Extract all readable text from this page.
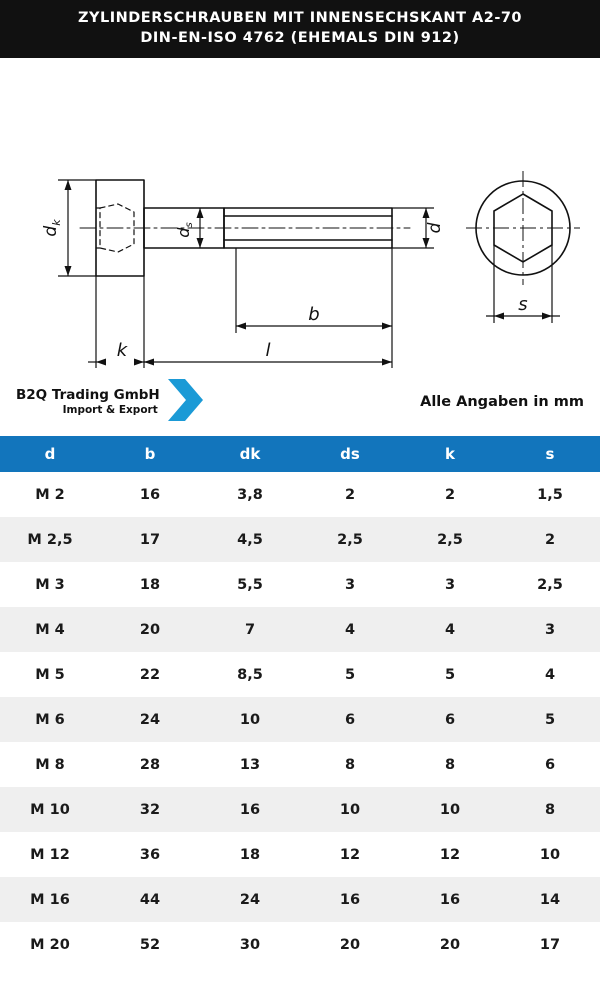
ZYLINDERSCHRAUBEN MIT INNENSECHSKANT A2-70
DIN-EN-ISO 4762 (EHEMALS DIN 912)
$d_k$
ds	d
b
l
k
s
B2Q Trading GmbH
Import & Export	Alle Angaben in mm
d	b	dk	ds	k	s
M 2	16	3,8	2	2	1,5
M 2,5	17	4,5	2,5	2,5	2
M 3	18	5,5	3	3	2,5
M 4	20	7	4	4	3
M 5	22	8,5	5	5	4
M 6	24	10	6	6	5
M 8	28	13	8	8	6
M 10	32	16	10	10	8
M 12	36	18	12	12	10
M 16	44	24	16	16	14
M 20	52	30	20	20	17
